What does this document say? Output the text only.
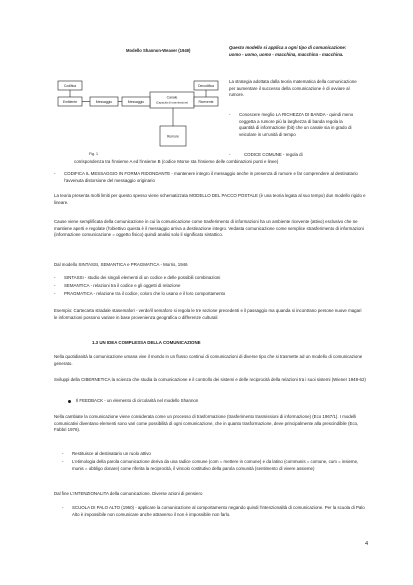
Modello Shannon-Weaver (1949)
Codifica
Emittente	Messaggio	Messaggio
Canale
(Capacità di trasmissione)	Ricevente
Decodifica
Rumore
Fig. 1
Questo modello si applica a ogni tipo di comunicazione: uomo - uomo, uomo - macchina, macchina - macchina.
La strategia adottata dalla teoria matematica della comunicazione per aumentare il successo della comunicazione è di ovviare al rumore.
- Conoscere meglio LA RICHEZZA DI BANDA - quindi meno ceggetta a rumore più la larghezza di banda regola la quantità di informazione (bit) che un canale sia in grado di veicolare in un'unità di tempo
-	CODICE COMUNE - regola di
corrispondenza tra l'insieme A ed l'insieme B (codice Morse sta l'insieme delle combinazioni punti e linee)
- CODIFICA IL MESSAGGIO IN FORMA RIDONDANTE - mantenere integro il messaggio anche in presenza di rumore e far comprendere al destinatario l'avvenuta distorsione del messaggio originario
La teoria presenta molti limiti per questo spesso viene schematizzata MODELLO DEL PACCO POSTALE (è una teoria legata al suo tempo) dun modello rigido e lineare.
Cause viene semplificata della comunicazione in cui la comunicazione come trasferimento di informazioni ha un ambiente ricevente (attivo) esclusivo che ne mantiene aperti e regolate (l'obiettivo questa è il messaggio arriva a destinazione integro. Vedasta comunicazione come semplice strasferimento di informazioni (informazione comunicazione = oggetto fisico) quindi analisi solo il significato sintattico.
Dal modello SINTASSI, SEMANTICA e PRAGMATICA - Morris, 1946
- SINTASSI - studio dei singoli elementi di un codice e delle possibili combinazioni
- SEMANTICA - relazioni tra il codice e gli oggetti di relazione
- PRAGMATICA - relazione tra il codice, coloro che lo usano e il loro comportamento
Esempio: Cartecarta stradale stasemafori - verde/il semaforo si regola le tre sezione precedenti e il passaggio ma quanda si incontrano persone nuove magari le informazioni possono variare in base provenienza geografica o differenze culturali
1.3 UN IDEA COMPLESSA DELLA COMUNICAZIONE
Nella quotidianità la comunicazione umana vive il mondo in un flusso continui di comunicazioni di diverse tipo che si trasmette ad un modello di comunicazione generato.
Sviluppi della CIBERNETICA la scienza che studia la comunicazione e il controllo dei sistemi e delle reciprocità della relazioni tra i suoi sistemi (Wiener 1948-62)
Il FEEDBACK - un elemento di circolarità nel modello Shannon
Nella cambiate la comunicazione viene considerata come un processo di trasformazione (trasferimento trasmissioni di informazione) (Eco 1967/1). I modelli comunicativi diventano elementi sono vari come possibilità di ogni comunicazione, che in quanto trasformazione, deve principalmente alla prescindibile (Eco, Fabbri 1976).
- Restituisce al destinatario un ruolo attivo
- L'etimologia della parola comunicazione deriva da una radice comune (com = mettere in comune) e da latino (communis = comune, cum = insieme, munis = obbligo donare) come riferita la reciprocità, il vincolo costitutivo della parola comunità (sentimento di vivere assieme)
Dal fine L'INTENZIONALITA della comunicazione. Diverse azioni di pensiero
- SCUOLA DI PALO ALTO (1960) - applicare la comunicazione al comportamento negando quindi l'intenzionalità di comunicazione. Per la scuola di Palo Alto è impossibile non comunicare anche attraverso il non è impossibile non farlo.
4
